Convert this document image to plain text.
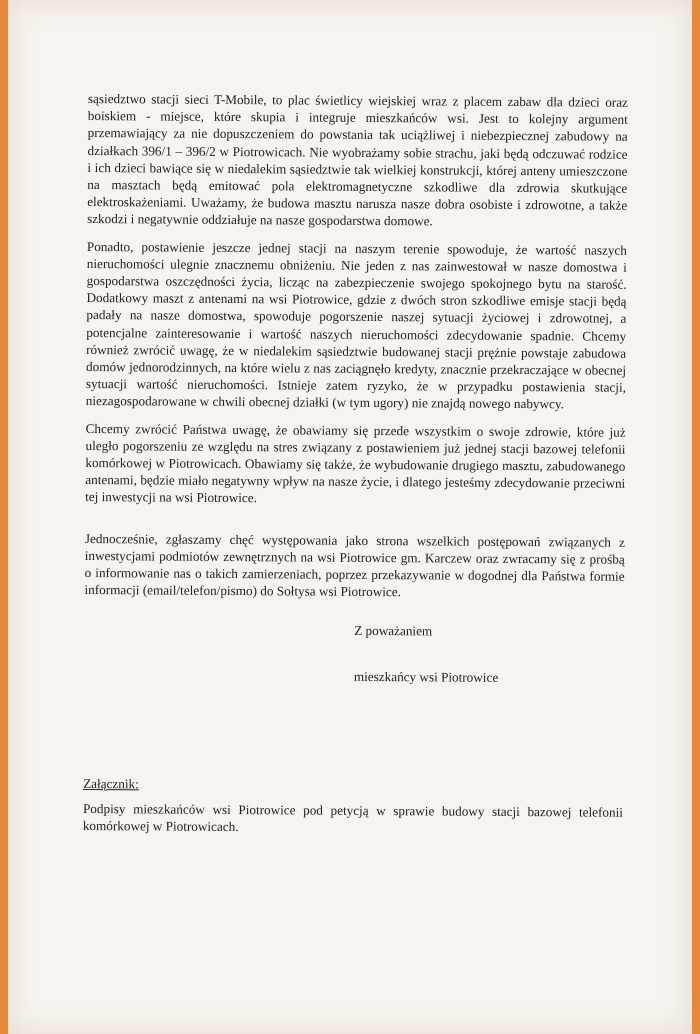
sąsiedztwo stacji sieci T-Mobile, to plac świetlicy wiejskiej wraz z placem zabaw dla dzieci oraz boiskiem - miejsce, które skupia i integruje mieszkańców wsi. Jest to kolejny argument przemawiający za nie dopuszczeniem do powstania tak uciążliwej i niebezpiecznej zabudowy na działkach 396/1 – 396/2 w Piotrowicach. Nie wyobrażamy sobie strachu, jaki będą odczuwać rodzice i ich dzieci bawiące się w niedalekim sąsiedztwie tak wielkiej konstrukcji, której anteny umieszczone na masztach będą emitować pola elektromagnetyczne szkodliwe dla zdrowia skutkujące elektroskażeniami. Uważamy, że budowa masztu narusza nasze dobra osobiste i zdrowotne, a także szkodzi i negatywnie oddziałuje na nasze gospodarstwa domowe.

Ponadto, postawienie jeszcze jednej stacji na naszym terenie spowoduje, że wartość naszych nieruchomości ulegnie znacznemu obniżeniu. Nie jeden z nas zainwestował w nasze domostwa i gospodarstwa oszczędności życia, licząc na zabezpieczenie swojego spokojnego bytu na starość. Dodatkowy maszt z antenami na wsi Piotrowice, gdzie z dwóch stron szkodliwe emisje stacji będą padały na nasze domostwa, spowoduje pogorszenie naszej sytuacji życiowej i zdrowotnej, a potencjalne zainteresowanie i wartość naszych nieruchomości zdecydowanie spadnie. Chcemy również zwrócić uwagę, że w niedalekim sąsiedztwie budowanej stacji prężnie powstaje zabudowa domów jednorodzinnych, na które wielu z nas zaciągnęło kredyty, znacznie przekraczające w obecnej sytuacji wartość nieruchomości. Istnieje zatem ryzyko, że w przypadku postawienia stacji, niezagospodarowane w chwili obecnej działki (w tym ugory) nie znajdą nowego nabywcy.

Chcemy zwrócić Państwa uwagę, że obawiamy się przede wszystkim o swoje zdrowie, które już uległo pogorszeniu ze względu na stres związany z postawieniem już jednej stacji bazowej telefonii komórkowej w Piotrowicach. Obawiamy się także, że wybudowanie drugiego masztu, zabudowanego antenami, będzie miało negatywny wpływ na nasze życie, i dlatego jesteśmy zdecydowanie przeciwni tej inwestycji na wsi Piotrowice.

Jednocześnie, zgłaszamy chęć występowania jako strona wszelkich postępowań związanych z inwestycjami podmiotów zewnętrznych na wsi Piotrowice gm. Karczew oraz zwracamy się z prośbą o informowanie nas o takich zamierzeniach, poprzez przekazywanie w dogodnej dla Państwa formie informacji (email/telefon/pismo) do Sołtysa wsi Piotrowice.

Z poważaniem
mieszkańcy wsi Piotrowice
Załącznik:
Podpisy mieszkańców wsi Piotrowice pod petycją w sprawie budowy stacji bazowej telefonii komórkowej w Piotrowicach.
